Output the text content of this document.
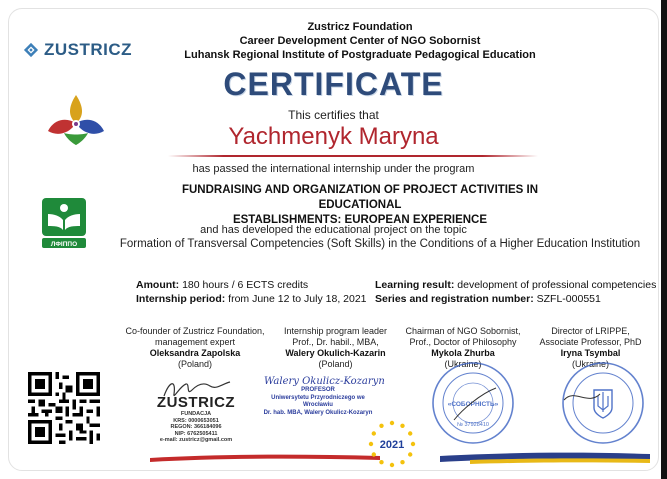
ZUSTRICZ
Zustricz Foundation
Career Development Center of NGO Sobornist
Luhansk Regional Institute of Postgraduate Pedagogical Education
ЛФІППО
CERTIFICATE
This certifies that
Yachmenyk Maryna
has passed the international internship under the program
FUNDRAISING AND ORGANIZATION OF PROJECT ACTIVITIES IN EDUCATIONAL
ESTABLISHMENTS: EUROPEAN EXPERIENCE
and has developed the educational project on the topic
Formation of Transversal Competencies (Soft Skills) in the Conditions of a Higher Education Institution
Amount: 180 hours / 6 ECTS credits
Internship period: from June 12 to July 18, 2021
Learning result: development of professional competencies
Series and registration number: SZFL-000551
Co-founder of Zustricz Foundation,
management expert
Oleksandra Zapolska
(Poland)
Internship program leader
Prof., Dr. habil., MBA,
Walery Okulich-Kazarin
(Poland)
Chairman of NGO Sobornist,
Prof., Doctor of Philosophy
Mykola Zhurba
(Ukraine)
Director of LRIPPE,
Associate Professor, PhD
Iryna Tsymbal
(Ukraine)
ZUSTRICZ
FUNDACJA
KRS: 0000653051
REGON: 366184096
NIP: 6762505411
e-mail: zustricz@gmail.com
Walery Okulicz-Kozaryn
PROFESOR
Uniwersytetu Przyrodniczego we Wrocławiu
Dr. hab. MBA, Walery Okulicz-Kozaryn
2021
«СОБОРНІСТЬ»
№ 37928410
